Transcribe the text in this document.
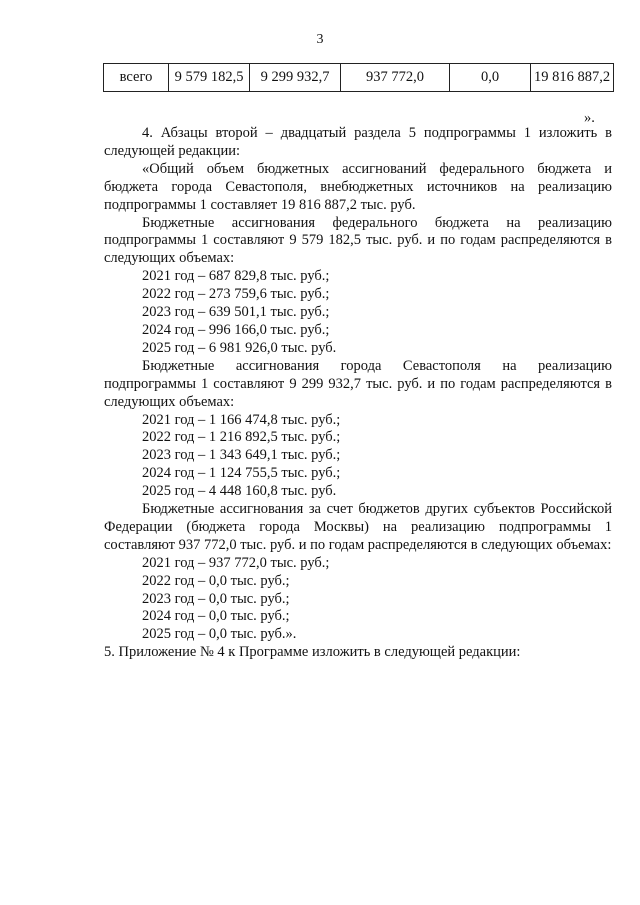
3
всего	9 579 182,5	9 299 932,7	937 772,0	0,0	19 816 887,2
».

4. Абзацы второй – двадцатый раздела 5 подпрограммы 1 изложить в следующей редакции:

«Общий объем бюджетных ассигнований федерального бюджета и бюджета города Севастополя, внебюджетных источников на реализацию подпрограммы 1 составляет 19 816 887,2 тыс. руб.

Бюджетные ассигнования федерального бюджета на реализацию подпрограммы 1 составляют 9 579 182,5 тыс. руб. и по годам распределяются в следующих объемах:

2021 год – 687 829,8 тыс. руб.;

2022 год – 273 759,6 тыс. руб.;

2023 год – 639 501,1 тыс. руб.;

2024 год – 996 166,0 тыс. руб.;

2025 год – 6 981 926,0 тыс. руб.

Бюджетные ассигнования города Севастополя на реализацию подпрограммы 1 составляют 9 299 932,7 тыс. руб. и по годам распределяются в следующих объемах:

2021 год – 1 166 474,8 тыс. руб.;

2022 год – 1 216 892,5 тыс. руб.;

2023 год – 1 343 649,1 тыс. руб.;

2024 год – 1 124 755,5 тыс. руб.;

2025 год – 4 448 160,8 тыс. руб.

Бюджетные ассигнования за счет бюджетов других субъектов Российской Федерации (бюджета города Москвы) на реализацию подпрограммы 1 составляют 937 772,0 тыс. руб. и по годам распределяются в следующих объемах:

2021 год – 937 772,0 тыс. руб.;

2022 год – 0,0 тыс. руб.;

2023 год – 0,0 тыс. руб.;

2024 год – 0,0 тыс. руб.;

2025 год – 0,0 тыс. руб.».

5. Приложение № 4 к Программе изложить в следующей редакции:
